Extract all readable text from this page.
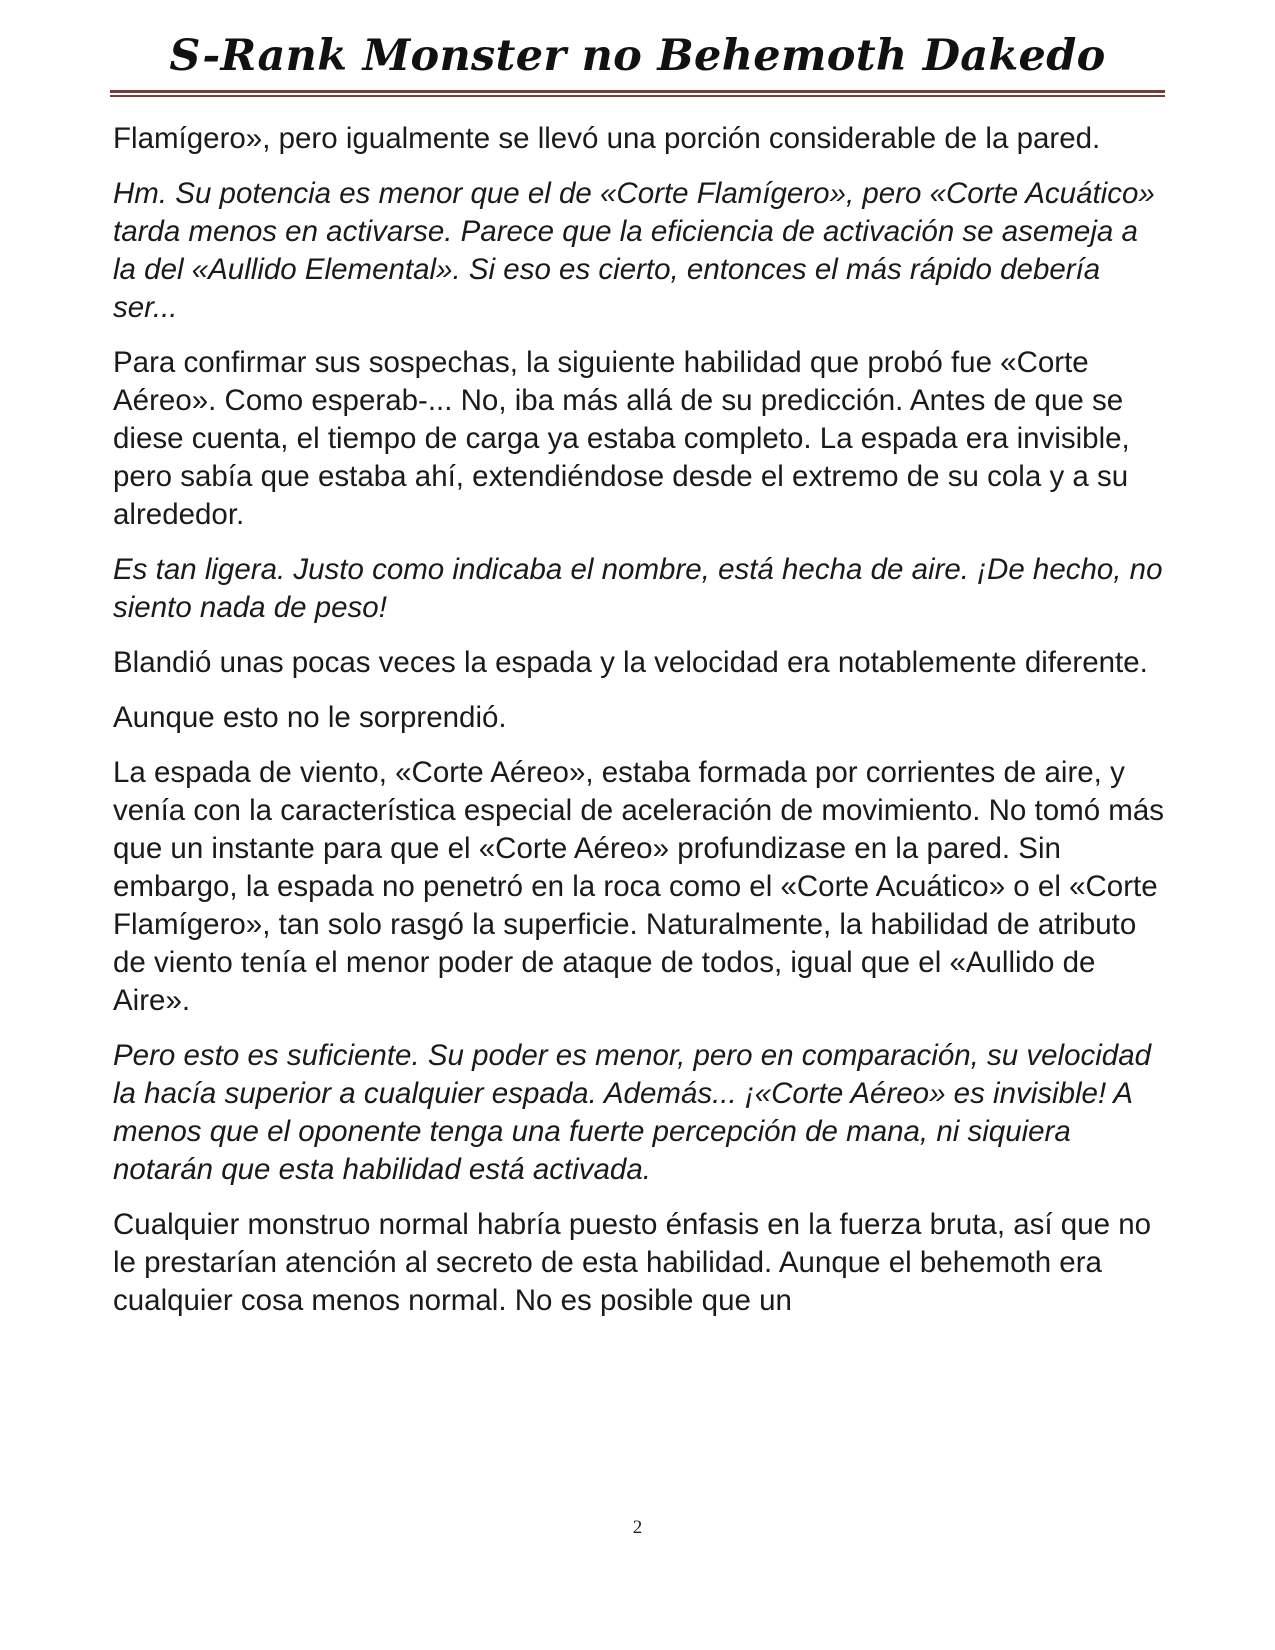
S-Rank Monster no Behemoth Dakedo

Flamígero», pero igualmente se llevó una porción considerable de la pared.

Hm. Su potencia es menor que el de «Corte Flamígero», pero «Corte Acuático» tarda menos en activarse. Parece que la eficiencia de activación se asemeja a la del «Aullido Elemental». Si eso es cierto, entonces el más rápido debería ser...

Para confirmar sus sospechas, la siguiente habilidad que probó fue «Corte Aéreo». Como esperab-... No, iba más allá de su predicción. Antes de que se diese cuenta, el tiempo de carga ya estaba completo. La espada era invisible, pero sabía que estaba ahí, extendiéndose desde el extremo de su cola y a su alrededor.

Es tan ligera. Justo como indicaba el nombre, está hecha de aire. ¡De hecho, no siento nada de peso!

Blandió unas pocas veces la espada y la velocidad era notablemente diferente.

Aunque esto no le sorprendió.

La espada de viento, «Corte Aéreo», estaba formada por corrientes de aire, y venía con la característica especial de aceleración de movimiento. No tomó más que un instante para que el «Corte Aéreo» profundizase en la pared. Sin embargo, la espada no penetró en la roca como el «Corte Acuático» o el «Corte Flamígero», tan solo rasgó la superficie. Naturalmente, la habilidad de atributo de viento tenía el menor poder de ataque de todos, igual que el «Aullido de Aire».

Pero esto es suficiente. Su poder es menor, pero en comparación, su velocidad la hacía superior a cualquier espada. Además... ¡«Corte Aéreo» es invisible! A menos que el oponente tenga una fuerte percepción de mana, ni siquiera notarán que esta habilidad está activada.

Cualquier monstruo normal habría puesto énfasis en la fuerza bruta, así que no le prestarían atención al secreto de esta habilidad. Aunque el behemoth era cualquier cosa menos normal. No es posible que un

2
